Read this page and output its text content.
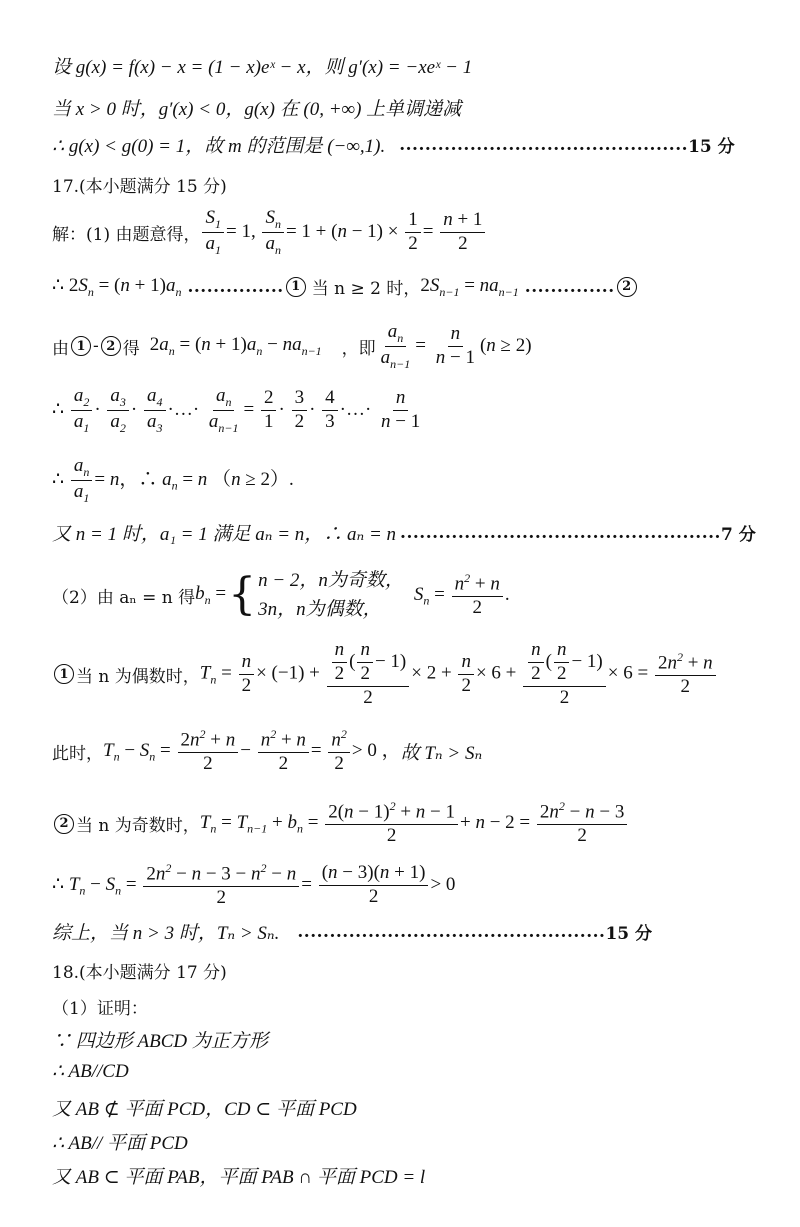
设 g(x) = f(x) − x = (1 − x)eˣ − x，则 g′(x) = −xeˣ − 1
当 x > 0 时，g′(x) < 0，g(x) 在 (0, +∞) 上单调递减
∴ g(x) < g(0) = 1，故 m 的范围是 (−∞,1). ............................................. 15 分
17.(本小题满分 15 分)
解：(1) 由题意得， $\frac{S_1}{a_1} = 1$, $\frac{S_n}{a_n} = 1 + (n - 1) \times \frac{1}{2} = \frac{n + 1}{2}$
∴ $2S_n = (n + 1)a_n$ ............... 1 当 n ≥ 2 时， $2S_{n-1} = na_{n-1}$ .............. 2
由 1 - 2 得 $2a_n = (n + 1)a_n - na_{n-1}$ ， 即 $\frac{a_n}{a_{n-1}} = \frac{n}{n - 1} (n \ge 2)$
∴ $\frac{a_2}{a_1} \cdot \frac{a_3}{a_2} \cdot \frac{a_4}{a_3}$ ·…· $\frac{a_n}{a_{n-1}} = \frac{2}{1} \cdot \frac{3}{2} \cdot \frac{4}{3}$ ·…· $\frac{n}{n - 1}$
∴ $\frac{a_n}{a_1} = n$，∴ $a_n = n$ （n ≥ 2）.
又 n = 1 时，a₁ = 1 满足 aₙ = n，∴ aₙ = n .................................................. 7 分
（2）由 aₙ = n 得 $b_n$ = { n − 2，n为奇数，
3n，n为偶数，
$S_n = \frac{n^2 + n}{2}$ .
1 当 n 为偶数时， $T_n = \frac{n}{2} \times (-1) + \frac{\frac{n}{2} ( \frac{n}{2} - 1)}{2} \times 2 + \frac{n}{2} \times 6 + \frac{\frac{n}{2} ( \frac{n}{2} - 1)}{2} \times 6 = \frac{2n^2 + n}{2}$
此时， $T_n - S_n = \frac{2n^2 + n}{2} - \frac{n^2 + n}{2} = \frac{n^2}{2} > 0$ ， 故 Tₙ > Sₙ
2 当 n 为奇数时， $T_n = T_{n-1} + b_n = \frac{2(n - 1)^2 + n - 1}{2} + n - 2 = \frac{2n^2 - n - 3}{2}$
∴ $T_n - S_n = \frac{2n^2 - n - 3 - n^2 - n}{2} = \frac{(n - 3)(n + 1)}{2} > 0$
综上，当 n > 3 时，Tₙ > Sₙ. ................................................ 15 分
18.(本小题满分 17 分)
（1）证明：
∵ 四边形 ABCD 为正方形
∴ AB//CD
又 AB ⊄ 平面 PCD，CD ⊂ 平面 PCD
∴ AB// 平面 PCD
又 AB ⊂ 平面 PAB，平面 PAB ∩ 平面 PCD = l
